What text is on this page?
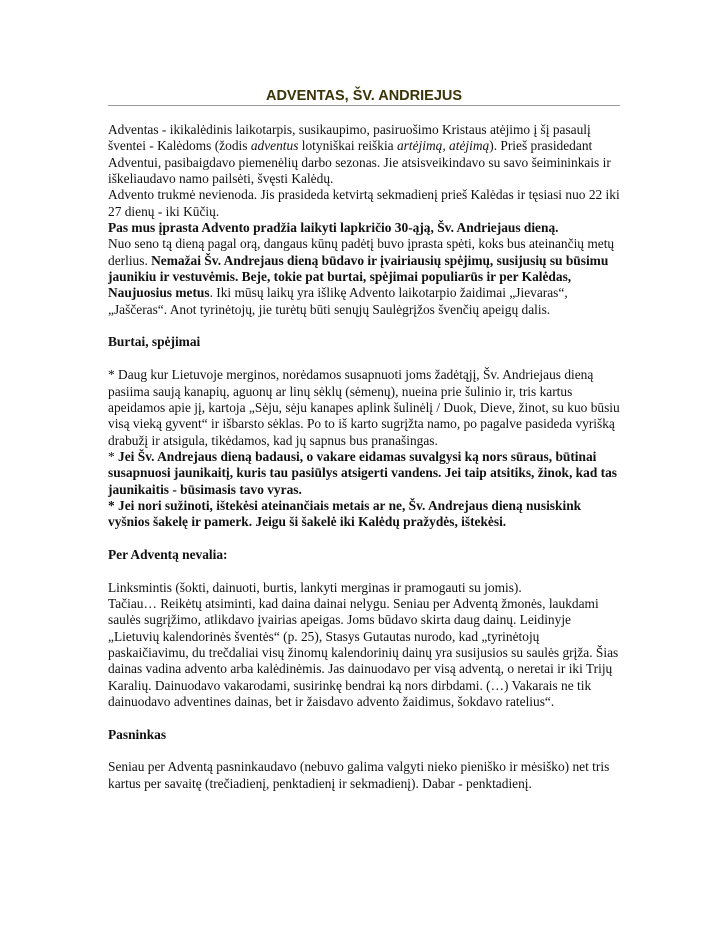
ADVENTAS, ŠV. ANDRIEJUS

Adventas - ikikalėdinis laikotarpis, susikaupimo, pasiruošimo Kristaus atėjimo į šį pasaulį šventei - Kalėdoms (žodis adventus lotyniškai reiškia artėjimą, atėjimą). Prieš prasidedant Adventui, pasibaigdavo piemenėlių darbo sezonas. Jie atsisveikindavo su savo šeimininkais ir iškeliaudavo namo pailsėti, švęsti Kalėdų.

Advento trukmė nevienoda. Jis prasideda ketvirtą sekmadienį prieš Kalėdas ir tęsiasi nuo 22 iki 27 dienų - iki Kūčių.

Pas mus įprasta Advento pradžia laikyti lapkričio 30-ąją, Šv. Andriejaus dieną.

Nuo seno tą dieną pagal orą, dangaus kūnų padėtį buvo įprasta spėti, koks bus ateinančių metų derlius. Nemažai Šv. Andrejaus dieną būdavo ir įvairiausių spėjimų, susijusių su būsimu jaunikiu ir vestuvėmis. Beje, tokie pat burtai, spėjimai populiarūs ir per Kalėdas, Naujuosius metus. Iki mūsų laikų yra išlikę Advento laikotarpio žaidimai „Jievaras“, „Jaščeras“. Anot tyrinėtojų, jie turėtų būti senųjų Saulėgrįžos švenčių apeigų dalis.

Burtai, spėjimai

* Daug kur Lietuvoje merginos, norėdamos susapnuoti joms žadėtąjį, Šv. Andriejaus dieną pasiima saują kanapių, aguonų ar linų sėklų (sėmenų), nueina prie šulinio ir, tris kartus apeidamos apie jį, kartoja „Sėju, sėju kanapes aplink šulinėlį / Duok, Dieve, žinot, su kuo būsiu visą vieką gyvent“ ir išbarsto sėklas. Po to iš karto sugrįžta namo, po pagalve pasideda vyrišką drabužį ir atsigula, tikėdamos, kad jų sapnus bus pranašingas.

* Jei Šv. Andrejaus dieną badausi, o vakare eidamas suvalgysi ką nors sūraus, būtinai susapnuosi jaunikaitį, kuris tau pasiūlys atsigerti vandens. Jei taip atsitiks, žinok, kad tas jaunikaitis - būsimasis tavo vyras.

* Jei nori sužinoti, ištekėsi ateinančiais metais ar ne, Šv. Andrejaus dieną nusiskink vyšnios šakelę ir pamerk. Jeigu ši šakelė iki Kalėdų pražydės, ištekėsi.

Per Adventą nevalia:

Linksmintis (šokti, dainuoti, burtis, lankyti merginas ir pramogauti su jomis).

Tačiau… Reikėtų atsiminti, kad daina dainai nelygu. Seniau per Adventą žmonės, laukdami saulės sugrįžimo, atlikdavo įvairias apeigas. Joms būdavo skirta daug dainų. Leidinyje „Lietuvių kalendorinės šventės“ (p. 25), Stasys Gutautas nurodo, kad „tyrinėtojų paskaičiavimu, du trečdaliai visų žinomų kalendorinių dainų yra susijusios su saulės grįža. Šias dainas vadina advento arba kalėdinėmis. Jas dainuodavo per visą adventą, o neretai ir iki Trijų Karalių. Dainuodavo vakarodami, susirinkę bendrai ką nors dirbdami. (…) Vakarais ne tik dainuodavo adventines dainas, bet ir žaisdavo advento žaidimus, šokdavo ratelius“.

Pasninkas

Seniau per Adventą pasninkaudavo (nebuvo galima valgyti nieko pieniško ir mėsiško) net tris kartus per savaitę (trečiadienį, penktadienį ir sekmadienį). Dabar - penktadienį.
